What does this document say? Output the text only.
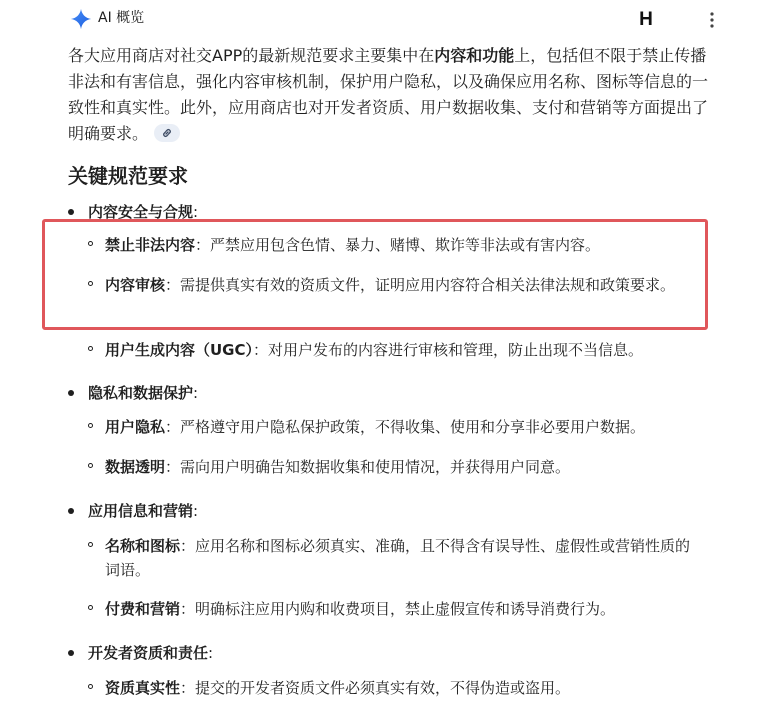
AI 概览	H

各大应用商店对社交APP的最新规范要求主要集中在内容和功能上，包括但不限于禁止传播非法和有害信息，强化内容审核机制，保护用户隐私，以及确保应用名称、图标等信息的一致性和真实性。此外，应用商店也对开发者资质、用户数据收集、支付和营销等方面提出了明确要求。

关键规范要求
内容安全与合规:
禁止非法内容：严禁应用包含色情、暴力、赌博、欺诈等非法或有害内容。
内容审核：需提供真实有效的资质文件，证明应用内容符合相关法律法规和政策要求。
用户生成内容（UGC）：对用户发布的内容进行审核和管理，防止出现不当信息。
隐私和数据保护:
用户隐私：严格遵守用户隐私保护政策，不得收集、使用和分享非必要用户数据。
数据透明：需向用户明确告知数据收集和使用情况，并获得用户同意。
应用信息和营销:
名称和图标：应用名称和图标必须真实、准确，且不得含有误导性、虚假性或营销性质的词语。
付费和营销：明确标注应用内购和收费项目，禁止虚假宣传和诱导消费行为。
开发者资质和责任:
资质真实性：提交的开发者资质文件必须真实有效，不得伪造或盗用。
